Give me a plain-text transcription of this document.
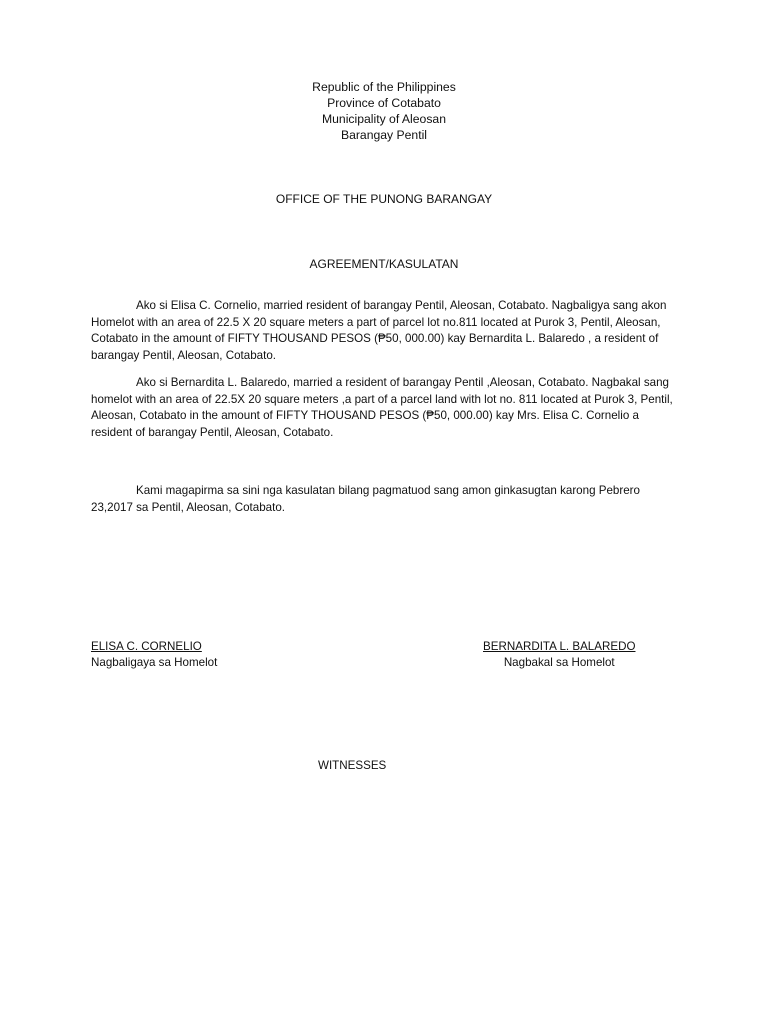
Republic of the Philippines
Province of Cotabato
Municipality of Aleosan
Barangay Pentil
OFFICE OF THE PUNONG BARANGAY
AGREEMENT/KASULATAN
Ako si Elisa C. Cornelio, married resident of barangay Pentil, Aleosan, Cotabato. Nagbaligya sang akon Homelot with an area of 22.5 X 20 square meters a part of parcel lot no.811 located at Purok 3, Pentil, Aleosan, Cotabato in the amount of FIFTY THOUSAND PESOS (₱50, 000.00) kay Bernardita L. Balaredo , a resident of barangay Pentil, Aleosan, Cotabato.
Ako si Bernardita L. Balaredo, married a resident of barangay Pentil ,Aleosan, Cotabato. Nagbakal sang homelot with an area of 22.5X 20 square meters ,a part of a parcel land with lot no. 811 located at Purok 3, Pentil, Aleosan, Cotabato in the amount of FIFTY THOUSAND PESOS (₱50, 000.00) kay Mrs. Elisa C. Cornelio a resident of barangay Pentil, Aleosan, Cotabato.
Kami magapirma sa sini nga kasulatan bilang pagmatuod sang amon ginkasugtan karong Pebrero 23,2017 sa Pentil, Aleosan, Cotabato.
ELISA C. CORNELIO
Nagbaligaya sa Homelot
BERNARDITA L. BALAREDO
Nagbakal sa Homelot
WITNESSES
